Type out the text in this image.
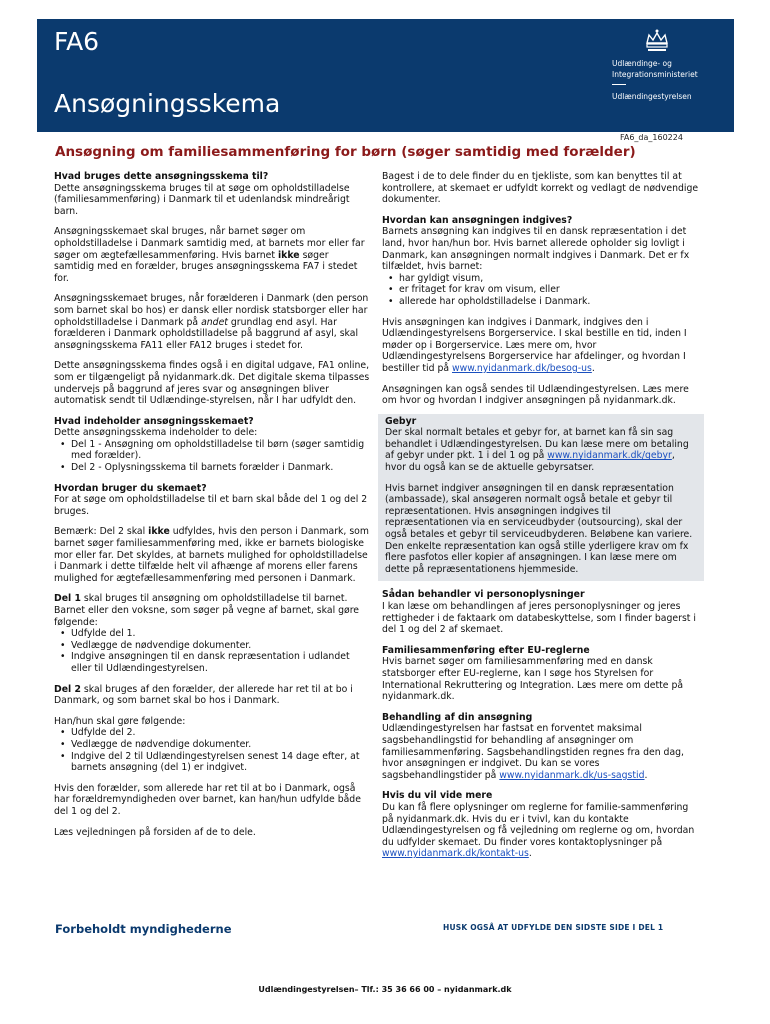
FA6
Ansøgningsskema
Udlændinge- og
Integrationsministeriet
Udlændingestyrelsen
FA6_da_160224
Ansøgning om familiesammenføring for børn (søger samtidig med forælder)
Hvad bruges dette ansøgningsskema til?

Dette ansøgningsskema bruges til at søge om opholdstilladelse (familiesammenføring) i Danmark til et udenlandsk mindreårigt barn.

Ansøgningsskemaet skal bruges, når barnet søger om opholdstilladelse i Danmark samtidig med, at barnets mor eller far søger om ægtefællesammenføring. Hvis barnet ikke søger samtidig med en forælder, bruges ansøgningsskema FA7 i stedet for.

Ansøgningsskemaet bruges, når forælderen i Danmark (den person som barnet skal bo hos) er dansk eller nordisk statsborger eller har opholdstilladelse i Danmark på andet grundlag end asyl. Har forælderen i Danmark opholdstilladelse på baggrund af asyl, skal ansøgningsskema FA11 eller FA12 bruges i stedet for.

Dette ansøgningsskema findes også i en digital udgave, FA1 online, som er tilgængeligt på nyidanmark.dk. Det digitale skema tilpasses undervejs på baggrund af jeres svar og ansøgningen bliver automatisk sendt til Udlændinge-styrelsen, når I har udfyldt den.

Hvad indeholder ansøgningsskemaet?
Dette ansøgningsskema indeholder to dele:
• Del 1 - Ansøgning om opholdstilladelse til børn (søger samtidig med forælder).
• Del 2 - Oplysningsskema til barnets forælder i Danmark.
Hvordan bruger du skemaet?

For at søge om opholdstilladelse til et barn skal både del 1 og del 2 bruges.

Bemærk: Del 2 skal ikke udfyldes, hvis den person i Danmark, som barnet søger familiesammenføring med, ikke er barnets biologiske mor eller far. Det skyldes, at barnets mulighed for opholdstilladelse i Danmark i dette tilfælde helt vil afhænge af morens eller farens mulighed for ægtefællesammenføring med personen i Danmark.

Del 1 skal bruges til ansøgning om opholdstilladelse til barnet. Barnet eller den voksne, som søger på vegne af barnet, skal gøre følgende:
• Udfylde del 1.
• Vedlægge de nødvendige dokumenter.
• Indgive ansøgningen til en dansk repræsentation i udlandet eller til Udlændingestyrelsen.

Del 2 skal bruges af den forælder, der allerede har ret til at bo i Danmark, og som barnet skal bo hos i Danmark.

Han/hun skal gøre følgende:
• Udfylde del 2.
• Vedlægge de nødvendige dokumenter.
• Indgive del 2 til Udlændingestyrelsen senest 14 dage efter, at barnets ansøgning (del 1) er indgivet.

Hvis den forælder, som allerede har ret til at bo i Danmark, også har forældremyndigheden over barnet, kan han/hun udfylde både del 1 og del 2.

Læs vejledningen på forsiden af de to dele.

Bagest i de to dele finder du en tjekliste, som kan benyttes til at kontrollere, at skemaet er udfyldt korrekt og vedlagt de nødvendige dokumenter.

Hvordan kan ansøgningen indgives?
Barnets ansøgning kan indgives til en dansk repræsentation i det land, hvor han/hun bor. Hvis barnet allerede opholder sig lovligt i Danmark, kan ansøgningen normalt indgives i Danmark. Det er fx tilfældet, hvis barnet:
• har gyldigt visum,
• er fritaget for krav om visum, eller
• allerede har opholdstilladelse i Danmark.

Hvis ansøgningen kan indgives i Danmark, indgives den i Udlændingestyrelsens Borgerservice. I skal bestille en tid, inden I møder op i Borgerservice. Læs mere om, hvor Udlændingestyrelsens Borgerservice har afdelinger, og hvordan I bestiller tid på www.nyidanmark.dk/besog-us.

Ansøgningen kan også sendes til Udlændingestyrelsen. Læs mere om hvor og hvordan I indgiver ansøgningen på nyidanmark.dk.

Gebyr

Der skal normalt betales et gebyr for, at barnet kan få sin sag behandlet i Udlændingestyrelsen. Du kan læse mere om betaling af gebyr under pkt. 1 i del 1 og på www.nyidanmark.dk/gebyr, hvor du også kan se de aktuelle gebyrsatser.

Hvis barnet indgiver ansøgningen til en dansk repræsentation (ambassade), skal ansøgeren normalt også betale et gebyr til repræsentationen. Hvis ansøgningen indgives til repræsentationen via en serviceudbyder (outsourcing), skal der også betales et gebyr til serviceudbyderen. Beløbene kan variere. Den enkelte repræsentation kan også stille yderligere krav om fx flere pasfotos eller kopier af ansøgningen. I kan læse mere om dette på repræsentationens hjemmeside.

Sådan behandler vi personoplysninger

I kan læse om behandlingen af jeres personoplysninger og jeres rettigheder i de faktaark om databeskyttelse, som I finder bagerst i del 1 og del 2 af skemaet.

Familiesammenføring efter EU-reglerne

Hvis barnet søger om familiesammenføring med en dansk statsborger efter EU-reglerne, kan I søge hos Styrelsen for International Rekruttering og Integration. Læs mere om dette på nyidanmark.dk.

Behandling af din ansøgning

Udlændingestyrelsen har fastsat en forventet maksimal sagsbehandlingstid for behandling af ansøgninger om familiesammenføring. Sagsbehandlingstiden regnes fra den dag, hvor ansøgningen er indgivet. Du kan se vores sagsbehandlingstider på www.nyidanmark.dk/us-sagstid.

Hvis du vil vide mere

Du kan få flere oplysninger om reglerne for familie-sammenføring på nyidanmark.dk. Hvis du er i tvivl, kan du kontakte Udlændingestyrelsen og få vejledning om reglerne og om, hvordan du udfylder skemaet. Du finder vores kontaktoplysninger på www.nyidanmark.dk/kontakt-us.

Forbeholdt myndighederne	HUSK OGSÅ AT UDFYLDE DEN SIDSTE SIDE I DEL 1
Udlændingestyrelsen– Tlf.: 35 36 66 00 – nyidanmark.dk
